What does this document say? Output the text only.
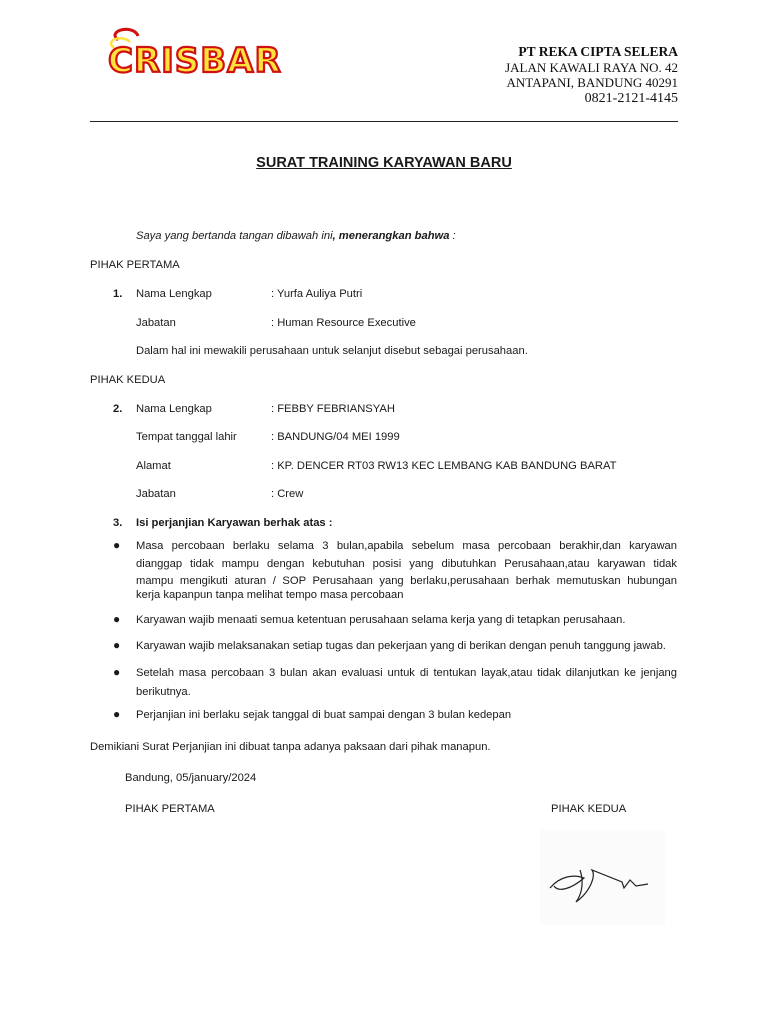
CRISBAR	PT REKA CIPTA SELERA
JALAN KAWALI RAYA NO. 42
ANTAPANI, BANDUNG 40291
0821-2121-4145
SURAT TRAINING KARYAWAN BARU
Saya yang bertanda tangan dibawah ini, menerangkan bahwa :
PIHAK PERTAMA
1. Nama Lengkap	: Yurfa Auliya Putri
Jabatan	: Human Resource Executive
Dalam hal ini mewakili perusahaan untuk selanjut disebut sebagai perusahaan.
PIHAK KEDUA
2. Nama Lengkap	: FEBBY FEBRIANSYAH
Tempat tanggal lahir	: BANDUNG/04 MEI 1999
Alamat	: KP. DENCER RT03 RW13 KEC LEMBANG KAB BANDUNG BARAT
Jabatan	: Crew
3. Isi perjanjian Karyawan berhak atas :
● Masa percobaan berlaku selama 3 bulan,apabila sebelum masa percobaan berakhir,dan karyawan
dianggap tidak mampu dengan kebutuhan posisi yang dibutuhkan Perusahaan,atau karyawan tidak
mampu mengikuti aturan / SOP Perusahaan yang berlaku,perusahaan berhak memutuskan hubungan
kerja kapanpun tanpa melihat tempo masa percobaan
● Karyawan wajib menaati semua ketentuan perusahaan selama kerja yang di tetapkan perusahaan.
● Karyawan wajib melaksanakan setiap tugas dan pekerjaan yang di berikan dengan penuh tanggung jawab.
● Setelah masa percobaan 3 bulan akan evaluasi untuk di tentukan layak,atau tidak dilanjutkan ke jenjang
berikutnya.
● Perjanjian ini berlaku sejak tanggal di buat sampai dengan 3 bulan kedepan
Demikiani Surat Perjanjian ini dibuat tanpa adanya paksaan dari pihak manapun.
Bandung, 05/january/2024
PIHAK PERTAMA	PIHAK KEDUA
